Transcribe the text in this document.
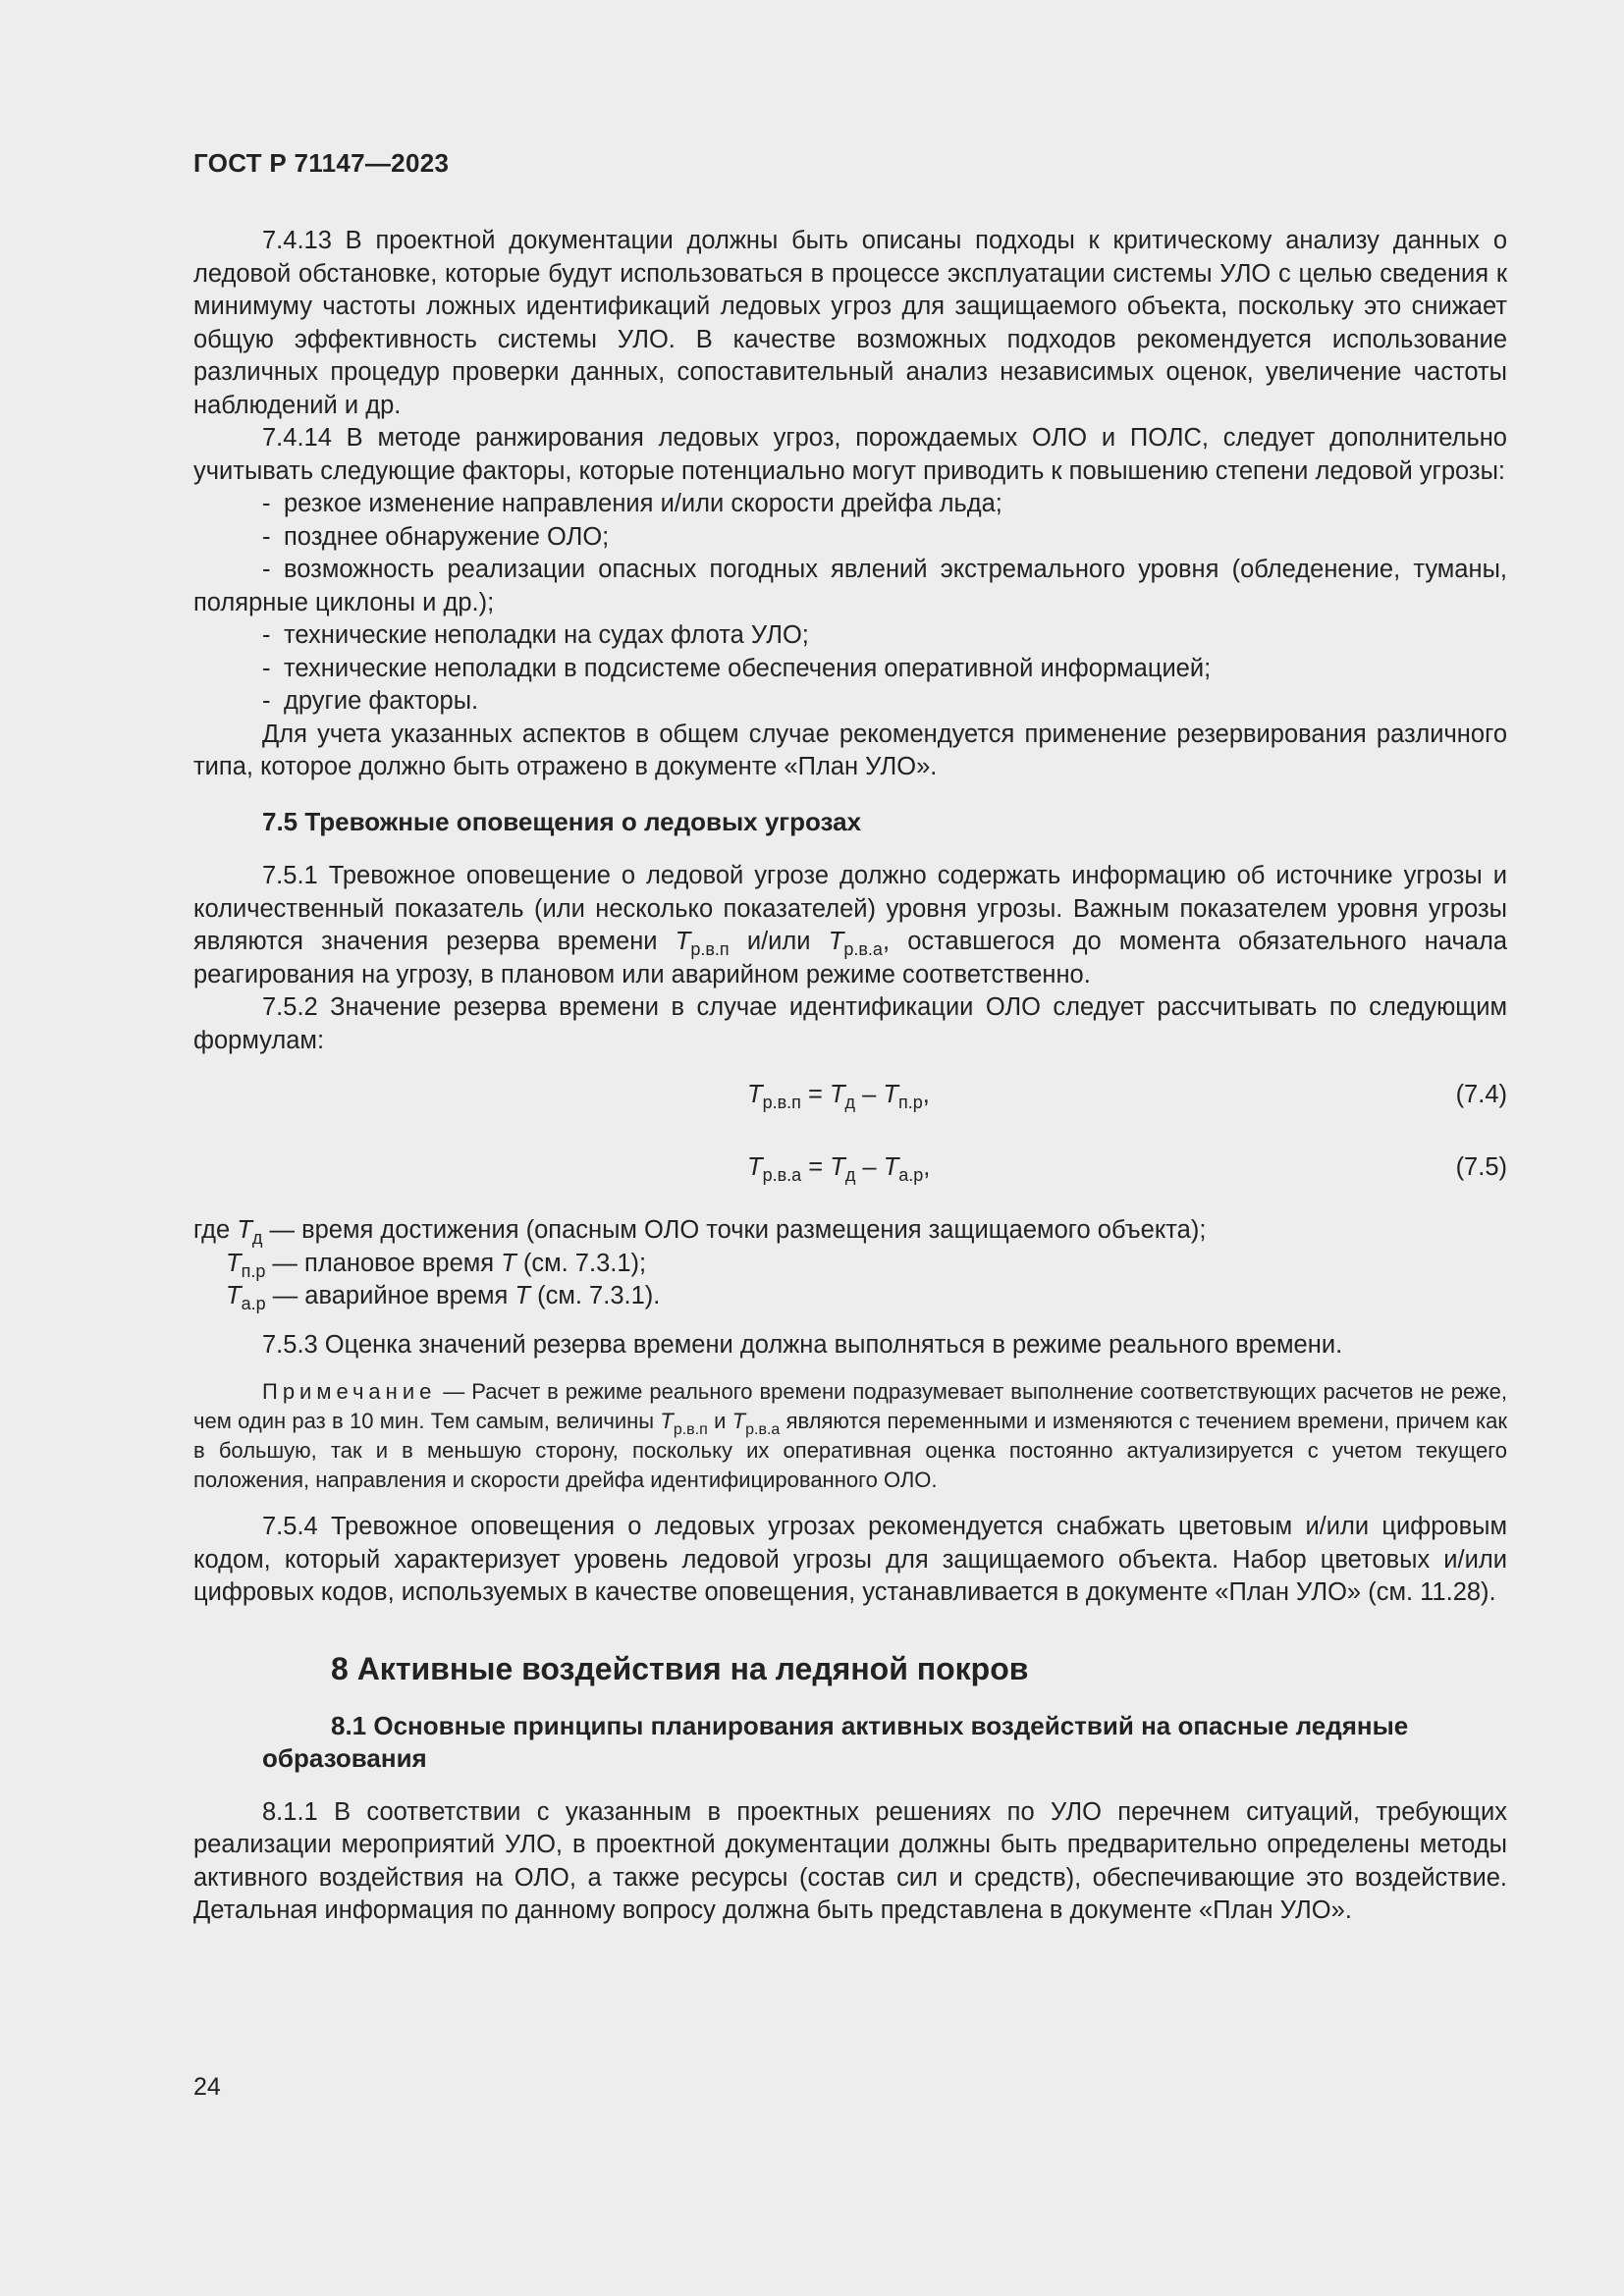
ГОСТ Р 71147—2023

7.4.13 В проектной документации должны быть описаны подходы к критическому анализу данных о ледовой обстановке, которые будут использоваться в процессе эксплуатации системы УЛО с целью сведения к минимуму частоты ложных идентификаций ледовых угроз для защищаемого объекта, поскольку это снижает общую эффективность системы УЛО. В качестве возможных подходов рекомендуется использование различных процедур проверки данных, сопоставительный анализ независимых оценок, увеличение частоты наблюдений и др.

7.4.14 В методе ранжирования ледовых угроз, порождаемых ОЛО и ПОЛС, следует дополнительно учитывать следующие факторы, которые потенциально могут приводить к повышению степени ледовой угрозы:

- резкое изменение направления и/или скорости дрейфа льда;

- позднее обнаружение ОЛО;

- возможность реализации опасных погодных явлений экстремального уровня (обледенение, туманы, полярные циклоны и др.);

- технические неполадки на судах флота УЛО;

- технические неполадки в подсистеме обеспечения оперативной информацией;

- другие факторы.

Для учета указанных аспектов в общем случае рекомендуется применение резервирования различного типа, которое должно быть отражено в документе «План УЛО».

7.5 Тревожные оповещения о ледовых угрозах

7.5.1 Тревожное оповещение о ледовой угрозе должно содержать информацию об источнике угрозы и количественный показатель (или несколько показателей) уровня угрозы. Важным показателем уровня угрозы являются значения резерва времени $T_{р.в.п}$ и/или $T_{р.в.а}$, оставшегося до момента обязательного начала реагирования на угрозу, в плановом или аварийном режиме соответственно.

7.5.2 Значение резерва времени в случае идентификации ОЛО следует рассчитывать по следующим формулам:

$T_{р.в.п} = T_д - T_{п.р}$,	(7.4)
$T_{р.в.а} = T_д - T_{а.р}$,	(7.5)
где $T_д$ — время достижения (опасным ОЛО точки размещения защищаемого объекта);
$T_{п.р}$ — плановое время T (см. 7.3.1);
$T_{а.р}$ — аварийное время T (см. 7.3.1).

7.5.3 Оценка значений резерва времени должна выполняться в режиме реального времени.

Примечание — Расчет в режиме реального времени подразумевает выполнение соответствующих расчетов не реже, чем один раз в 10 мин. Тем самым, величины $T_{р.в.п}$ и $T_{р.в.а}$ являются переменными и изменяются с течением времени, причем как в большую, так и в меньшую сторону, поскольку их оперативная оценка постоянно актуализируется с учетом текущего положения, направления и скорости дрейфа идентифицированного ОЛО.

7.5.4 Тревожное оповещения о ледовых угрозах рекомендуется снабжать цветовым и/или цифровым кодом, который характеризует уровень ледовой угрозы для защищаемого объекта. Набор цветовых и/или цифровых кодов, используемых в качестве оповещения, устанавливается в документе «План УЛО» (см. 11.28).

8 Активные воздействия на ледяной покров

8.1 Основные принципы планирования активных воздействий на опасные ледяные образования

8.1.1 В соответствии с указанным в проектных решениях по УЛО перечнем ситуаций, требующих реализации мероприятий УЛО, в проектной документации должны быть предварительно определены методы активного воздействия на ОЛО, а также ресурсы (состав сил и средств), обеспечивающие это воздействие. Детальная информация по данному вопросу должна быть представлена в документе «План УЛО».

24
